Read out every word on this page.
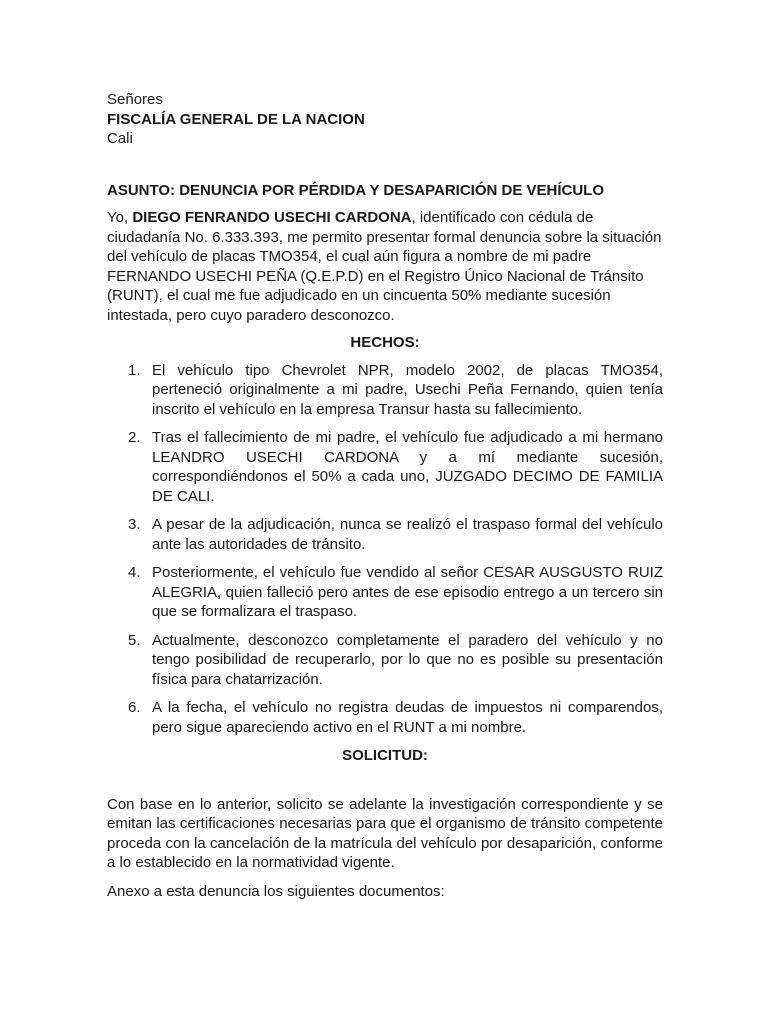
Señores
FISCALÍA GENERAL DE LA NACION
Cali
ASUNTO: DENUNCIA POR PÉRDIDA Y DESAPARICIÓN DE VEHÍCULO
Yo, DIEGO FENRANDO USECHI CARDONA, identificado con cédula de ciudadanía No. 6.333.393, me permito presentar formal denuncia sobre la situación del vehículo de placas TMO354, el cual aún figura a nombre de mi padre FERNANDO USECHI PEÑA (Q.E.P.D) en el Registro Único Nacional de Tránsito (RUNT), el cual me fue adjudicado en un cincuenta 50% mediante sucesión intestada, pero cuyo paradero desconozco.
HECHOS:
1. El vehículo tipo Chevrolet NPR, modelo 2002, de placas TMO354, perteneció originalmente a mi padre, Usechi Peña Fernando, quien tenía inscrito el vehículo en la empresa Transur hasta su fallecimiento.
2. Tras el fallecimiento de mi padre, el vehículo fue adjudicado a mi hermano LEANDRO USECHI CARDONA y a mí mediante sucesión, correspondiéndonos el 50% a cada uno, JUZGADO DECIMO DE FAMILIA DE CALI.
3. A pesar de la adjudicación, nunca se realizó el traspaso formal del vehículo ante las autoridades de tránsito.
4. Posteriormente, el vehículo fue vendido al señor CESAR AUSGUSTO RUIZ ALEGRIA, quien falleció pero antes de ese episodio entrego a un tercero sin que se formalizara el traspaso.
5. Actualmente, desconozco completamente el paradero del vehículo y no tengo posibilidad de recuperarlo, por lo que no es posible su presentación física para chatarrización.
6. A la fecha, el vehículo no registra deudas de impuestos ni comparendos, pero sigue apareciendo activo en el RUNT a mi nombre.
SOLICITUD:
Con base en lo anterior, solicito se adelante la investigación correspondiente y se emitan las certificaciones necesarias para que el organismo de tránsito competente proceda con la cancelación de la matrícula del vehículo por desaparición, conforme a lo establecido en la normatividad vigente.
Anexo a esta denuncia los siguientes documentos:
